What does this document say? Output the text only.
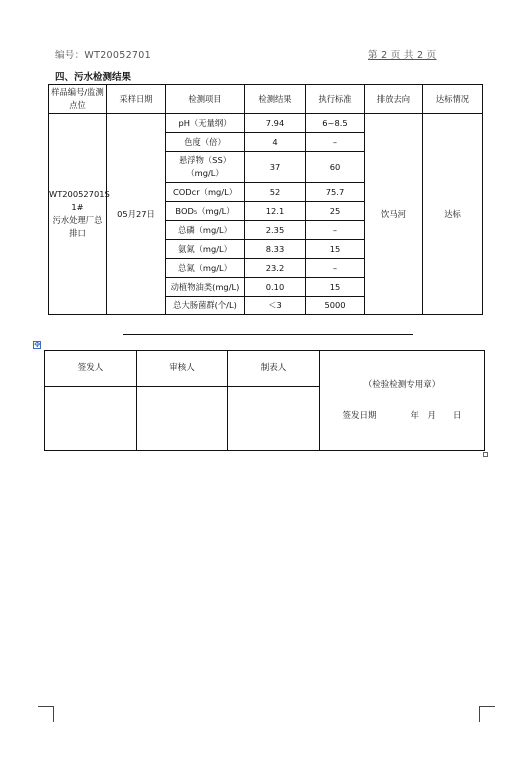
编号：WT20052701	第 2 页 共 2 页
四、污水检测结果
样品编号/监测点位	采样日期	检测项目	检测结果	执行标准	排放去向	达标情况

WT20052701S 1#
污水处理厂总排口	05月27日	pH（无量纲）	7.94	6~8.5	饮马河	达标
		色度（倍）	4	–		
		悬浮物（SS）（mg/L）	37	60		
		CODcr（mg/L）	52	75.7		
		BOD₅（mg/L）	12.1	25		
		总磷（mg/L）	2.35	–		
		氨氮（mg/L）	8.33	15		
		总氮（mg/L）	23.2	–		
		动植物油类(mg/L)	0.10	15		
		总大肠菌群(个/L)	＜3	5000		
✥
签发人	审核人	制表人	（检验检测专用章）
签发日期　　　　年　月　　日
